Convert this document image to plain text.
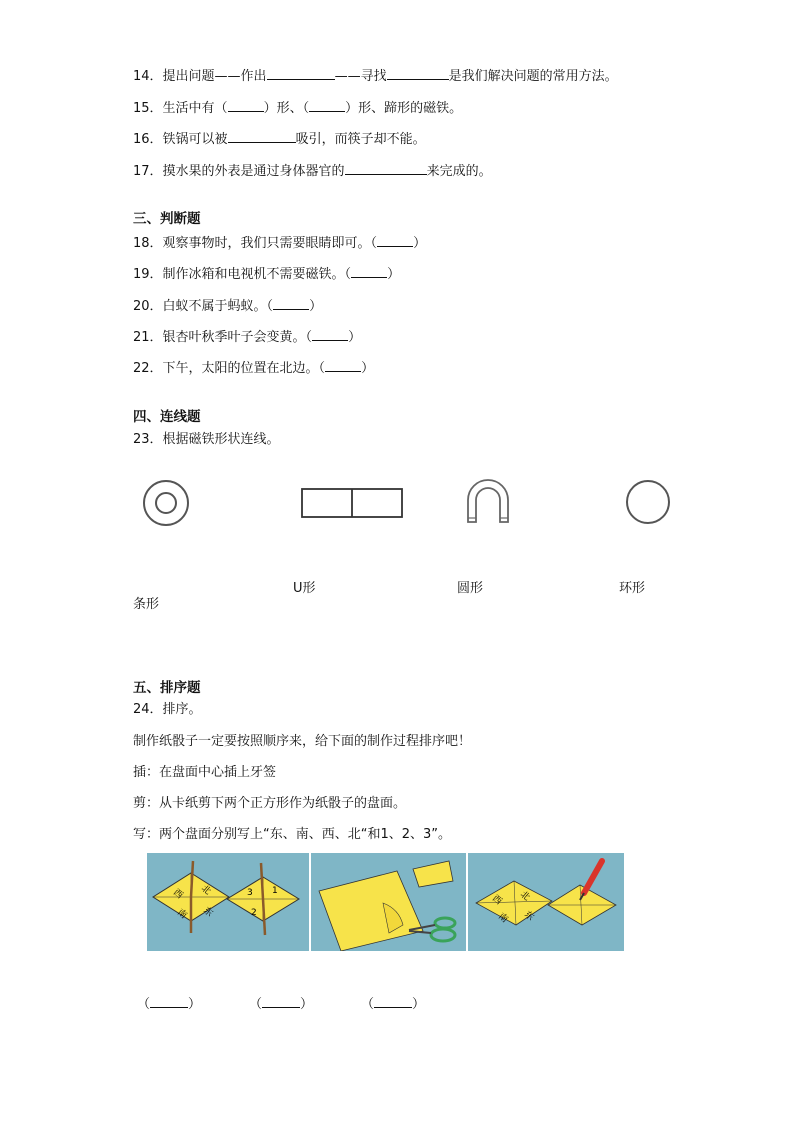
14．提出问题——作出	——寻找	是我们解决问题的常用方法。
15．生活中有（	）形、（	）形、蹄形的磁铁。
16．铁锅可以被	吸引，而筷子却不能。
17．摸水果的外表是通过身体器官的	来完成的。
三、判断题
18．观察事物时，我们只需要眼睛即可。（	）
19．制作冰箱和电视机不需要磁铁。（	）
20．白蚁不属于蚂蚁。（	）
21．银杏叶秋季叶子会变黄。（	）
22．下午，太阳的位置在北边。（	）
四、连线题
23．根据磁铁形状连线。
U形	圆形	环形
条形
五、排序题
24．排序。
制作纸骰子一定要按照顺序来，给下面的制作过程排序吧！
插：在盘面中心插上牙签
剪：从卡纸剪下两个正方形作为纸骰子的盘面。
写：两个盘面分别写上“东、南、西、北“和1、2、3”。
西 北
南 东
3 1
2
西 北
南 东
（	）	（	）	（	）
